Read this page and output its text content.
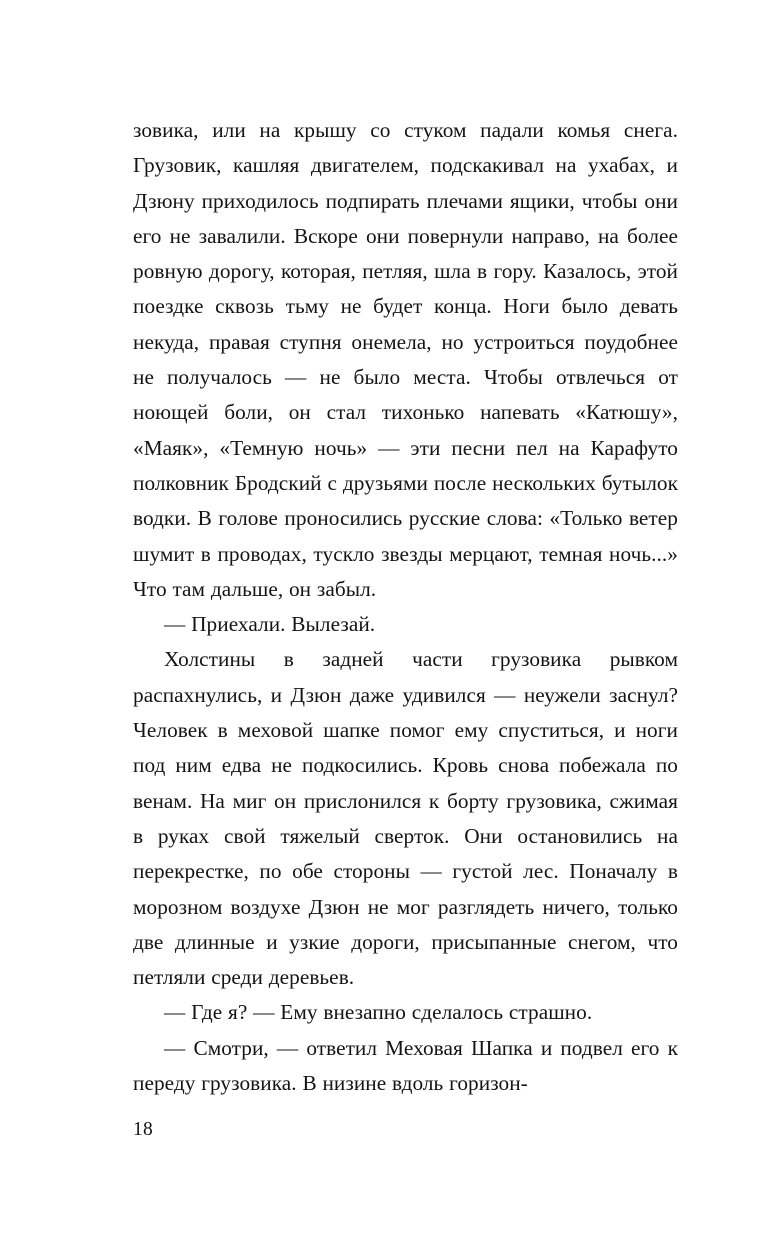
зовика, или на крышу со стуком падали комья снега. Грузовик, кашляя двигателем, подскакивал на ухабах, и Дзюну приходилось подпирать плечами ящики, чтобы они его не завалили. Вскоре они повернули направо, на более ровную дорогу, которая, петляя, шла в гору. Казалось, этой поездке сквозь тьму не будет конца. Ноги было девать некуда, правая ступня онемела, но устроиться поудобнее не получалось — не было места. Чтобы отвлечься от ноющей боли, он стал тихонько напевать «Катюшу», «Маяк», «Темную ночь» — эти песни пел на Карафуто полковник Бродский с друзьями после нескольких бутылок водки. В голове проносились русские слова: «Только ветер шумит в проводах, тускло звезды мерцают, темная ночь...» Что там дальше, он забыл.

— Приехали. Вылезай.

Холстины в задней части грузовика рывком распахнулись, и Дзюн даже удивился — неужели заснул? Человек в меховой шапке помог ему спуститься, и ноги под ним едва не подкосились. Кровь снова побежала по венам. На миг он прислонился к борту грузовика, сжимая в руках свой тяжелый сверток. Они остановились на перекрестке, по обе стороны — густой лес. Поначалу в морозном воздухе Дзюн не мог разглядеть ничего, только две длинные и узкие дороги, присыпанные снегом, что петляли среди деревьев.

— Где я? — Ему внезапно сделалось страшно.

— Смотри, — ответил Меховая Шапка и подвел его к переду грузовика. В низине вдоль горизон-

18
